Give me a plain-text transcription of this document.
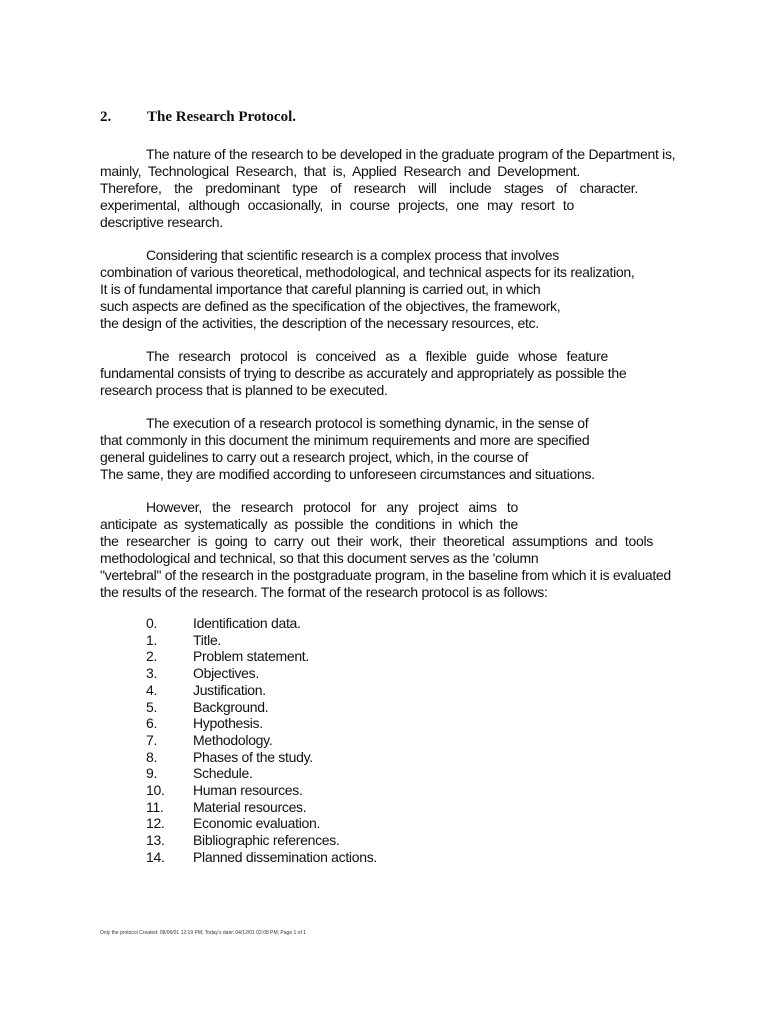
2. The Research Protocol.
The nature of the research to be developed in the graduate program of the Department is,
mainly, Technological Research, that is, Applied Research and Development.
Therefore, the predominant type of research will include stages of character.
experimental, although occasionally, in course projects, one may resort to
descriptive research.
Considering that scientific research is a complex process that involves
combination of various theoretical, methodological, and technical aspects for its realization,
It is of fundamental importance that careful planning is carried out, in which
such aspects are defined as the specification of the objectives, the framework,
the design of the activities, the description of the necessary resources, etc.
The research protocol is conceived as a flexible guide whose feature
fundamental consists of trying to describe as accurately and appropriately as possible the
research process that is planned to be executed.
The execution of a research protocol is something dynamic, in the sense of
that commonly in this document the minimum requirements and more are specified
general guidelines to carry out a research project, which, in the course of
The same, they are modified according to unforeseen circumstances and situations.
However, the research protocol for any project aims to
anticipate as systematically as possible the conditions in which the
the researcher is going to carry out their work, their theoretical assumptions and tools
methodological and technical, so that this document serves as the 'column
"vertebral" of the research in the postgraduate program, in the baseline from which it is evaluated
the results of the research. The format of the research protocol is as follows:
0.	Identification data.
1.	Title.
2.	Problem statement.
3.	Objectives.
4.	Justification.
5.	Background.
6.	Hypothesis.
7.	Methodology.
8.	Phases of the study.
9.	Schedule.
10. Human resources.
11. Material resources.
12. Economic evaluation.
13. Bibliographic references.
14. Planned dissemination actions.

Only the protocol Created: 08/06/01 12:19 PM; Today's date: 04/12/01 02:08 PM; Page 1 of 1
